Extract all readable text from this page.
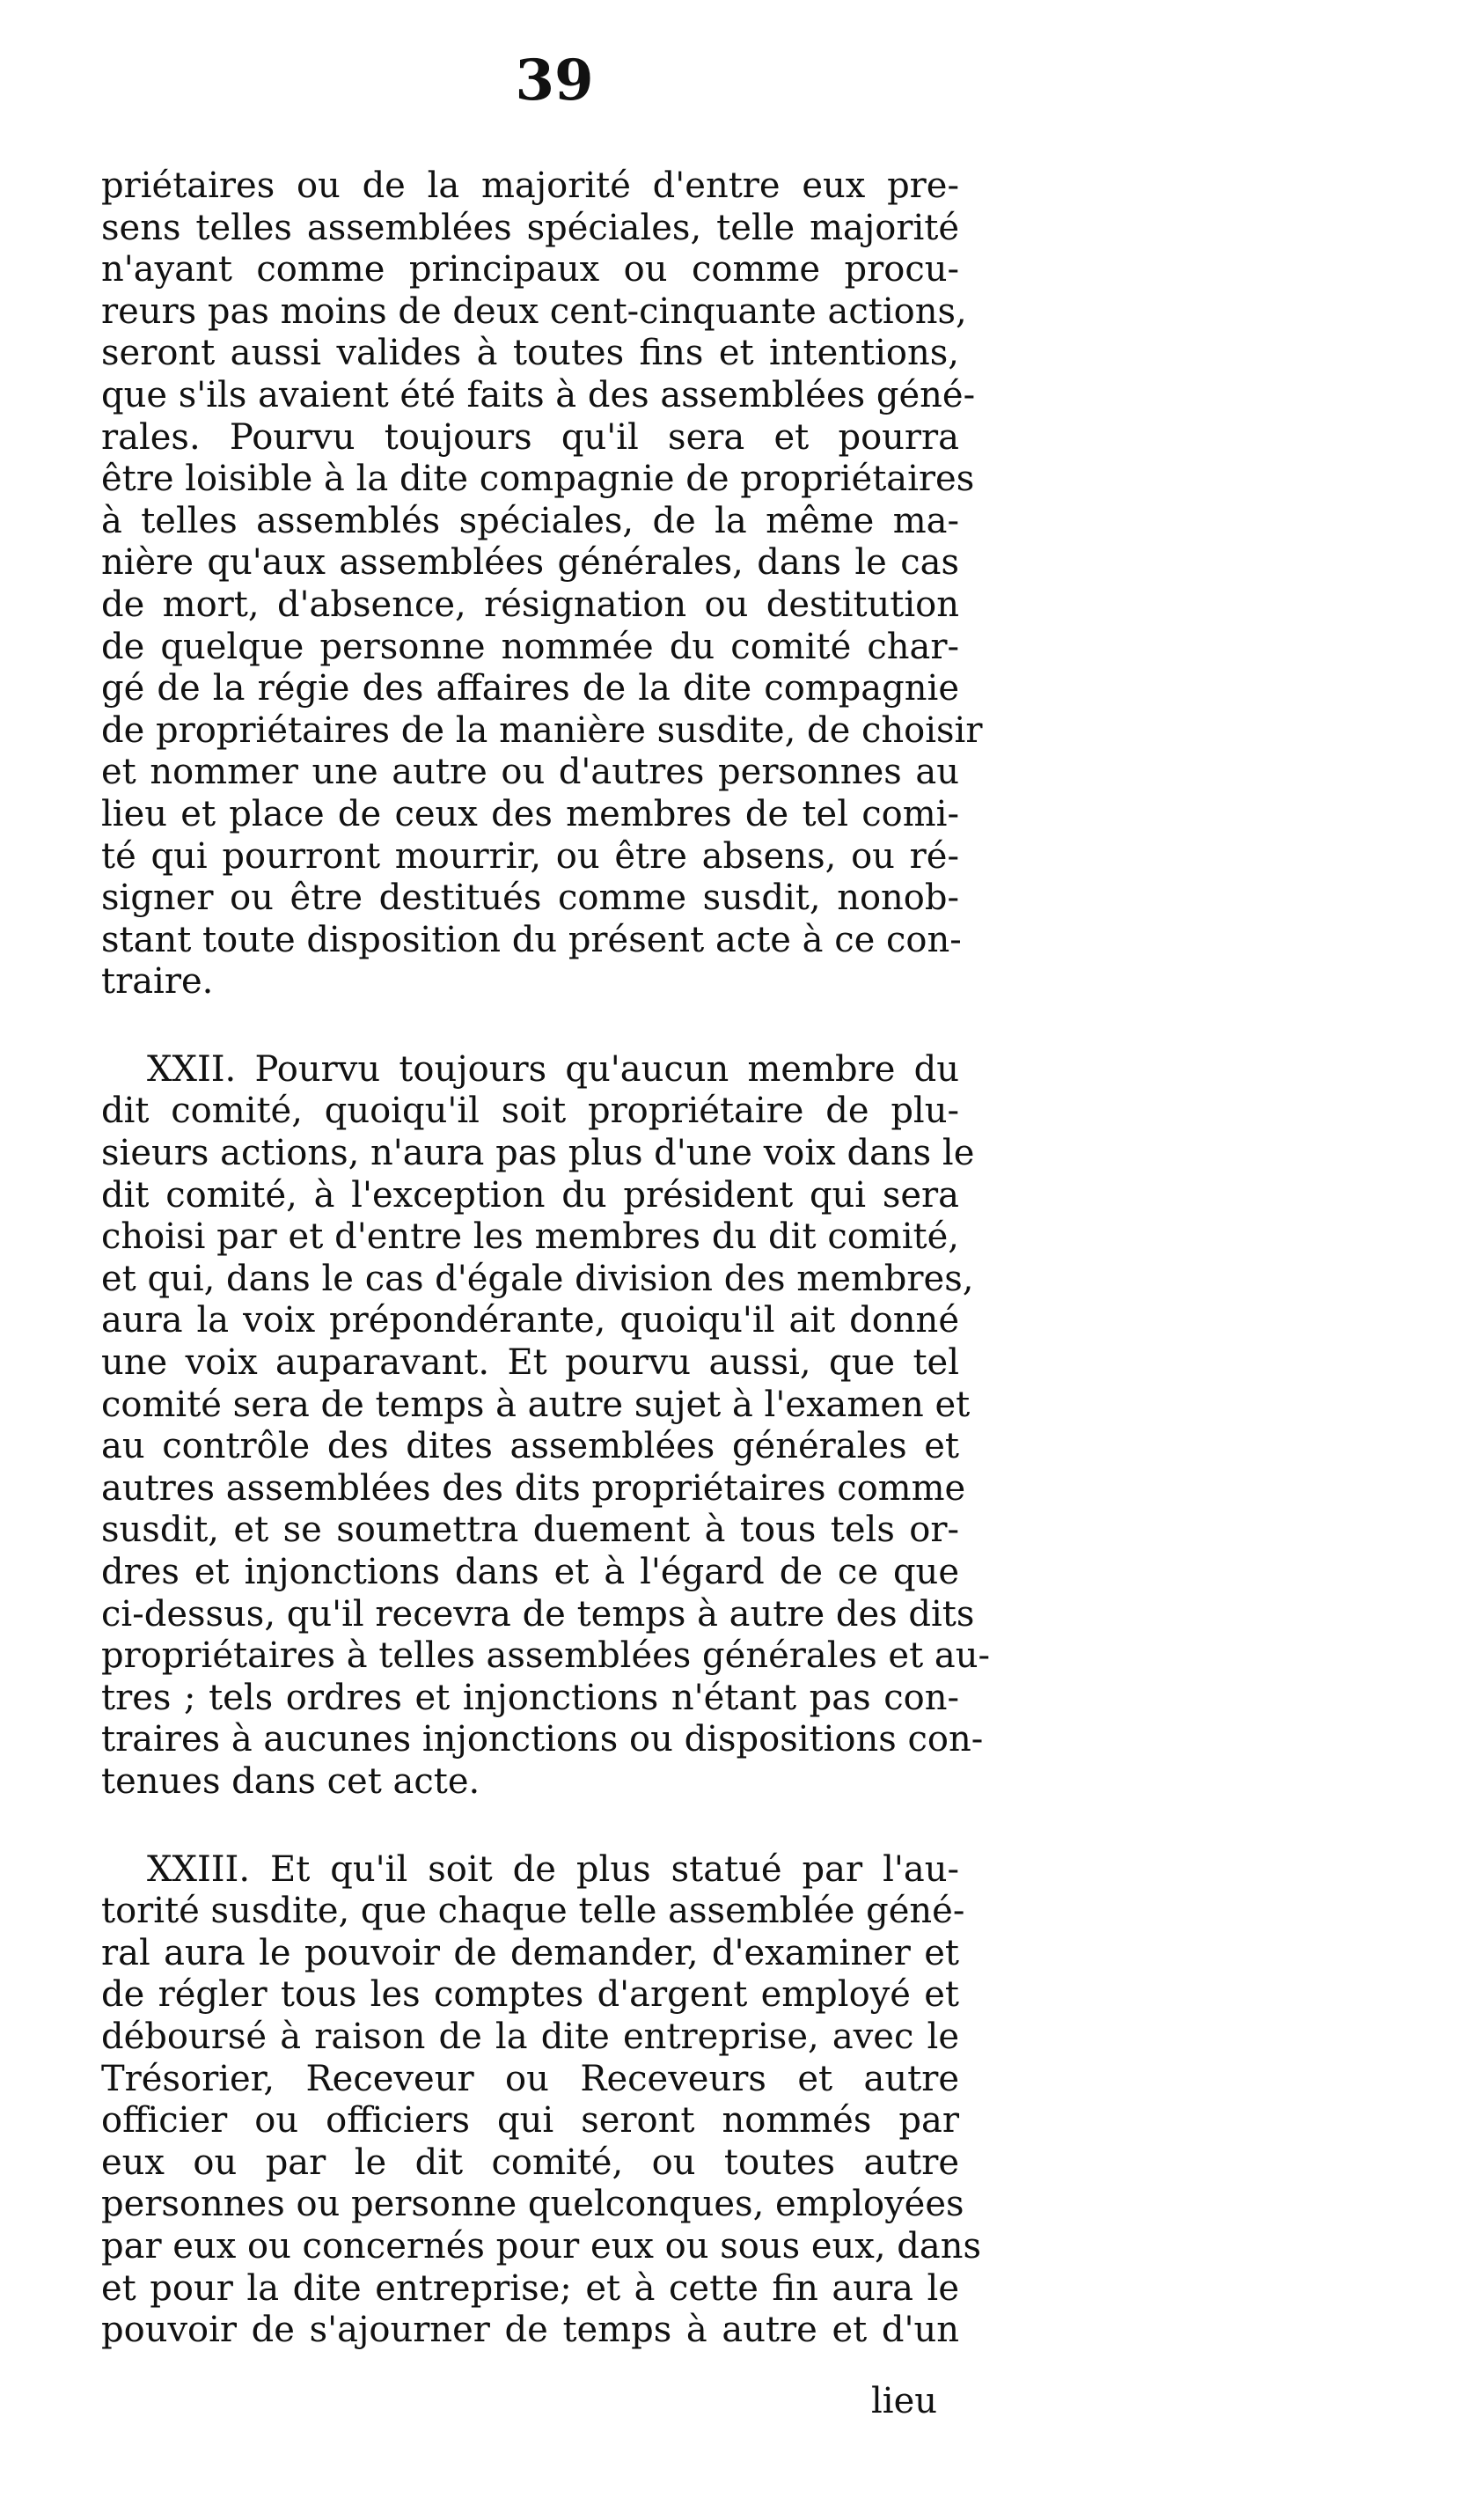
39
priétaires ou de la majorité d'entre eux pre-
sens telles assemblées spéciales, telle majorité
n'ayant comme principaux ou comme procu-
reurs pas moins de deux cent-cinquante actions,
seront aussi valides à toutes fins et intentions,
que s'ils avaient été faits à des assemblées géné-
rales. Pourvu toujours qu'il sera et pourra
être loisible à la dite compagnie de propriétaires
à telles assemblés spéciales, de la même ma-
nière qu'aux assemblées générales, dans le cas
de mort, d'absence, résignation ou destitution
de quelque personne nommée du comité char-
gé de la régie des affaires de la dite compagnie
de propriétaires de la manière susdite, de choisir
et nommer une autre ou d'autres personnes au
lieu et place de ceux des membres de tel comi-
té qui pourront mourrir, ou être absens, ou ré-
signer ou être destitués comme susdit, nonob-
stant toute disposition du présent acte à ce con-
traire.
XXII. Pourvu toujours qu'aucun membre du
dit comité, quoiqu'il soit propriétaire de plu-
sieurs actions, n'aura pas plus d'une voix dans le
dit comité, à l'exception du président qui sera
choisi par et d'entre les membres du dit comité,
et qui, dans le cas d'égale division des membres,
aura la voix prépondérante, quoiqu'il ait donné
une voix auparavant. Et pourvu aussi, que tel
comité sera de temps à autre sujet à l'examen et
au contrôle des dites assemblées générales et
autres assemblées des dits propriétaires comme
susdit, et se soumettra duement à tous tels or-
dres et injonctions dans et à l'égard de ce que
ci-dessus, qu'il recevra de temps à autre des dits
propriétaires à telles assemblées générales et au-
tres ; tels ordres et injonctions n'étant pas con-
traires à aucunes injonctions ou dispositions con-
tenues dans cet acte.
XXIII. Et qu'il soit de plus statué par l'au-
torité susdite, que chaque telle assemblée géné-
ral aura le pouvoir de demander, d'examiner et
de régler tous les comptes d'argent employé et
déboursé à raison de la dite entreprise, avec le
Trésorier, Receveur ou Receveurs et autre
officier ou officiers qui seront nommés par
eux ou par le dit comité, ou toutes autre
personnes ou personne quelconques, employées
par eux ou concernés pour eux ou sous eux, dans
et pour la dite entreprise; et à cette fin aura le
pouvoir de s'ajourner de temps à autre et d'un
lieu
